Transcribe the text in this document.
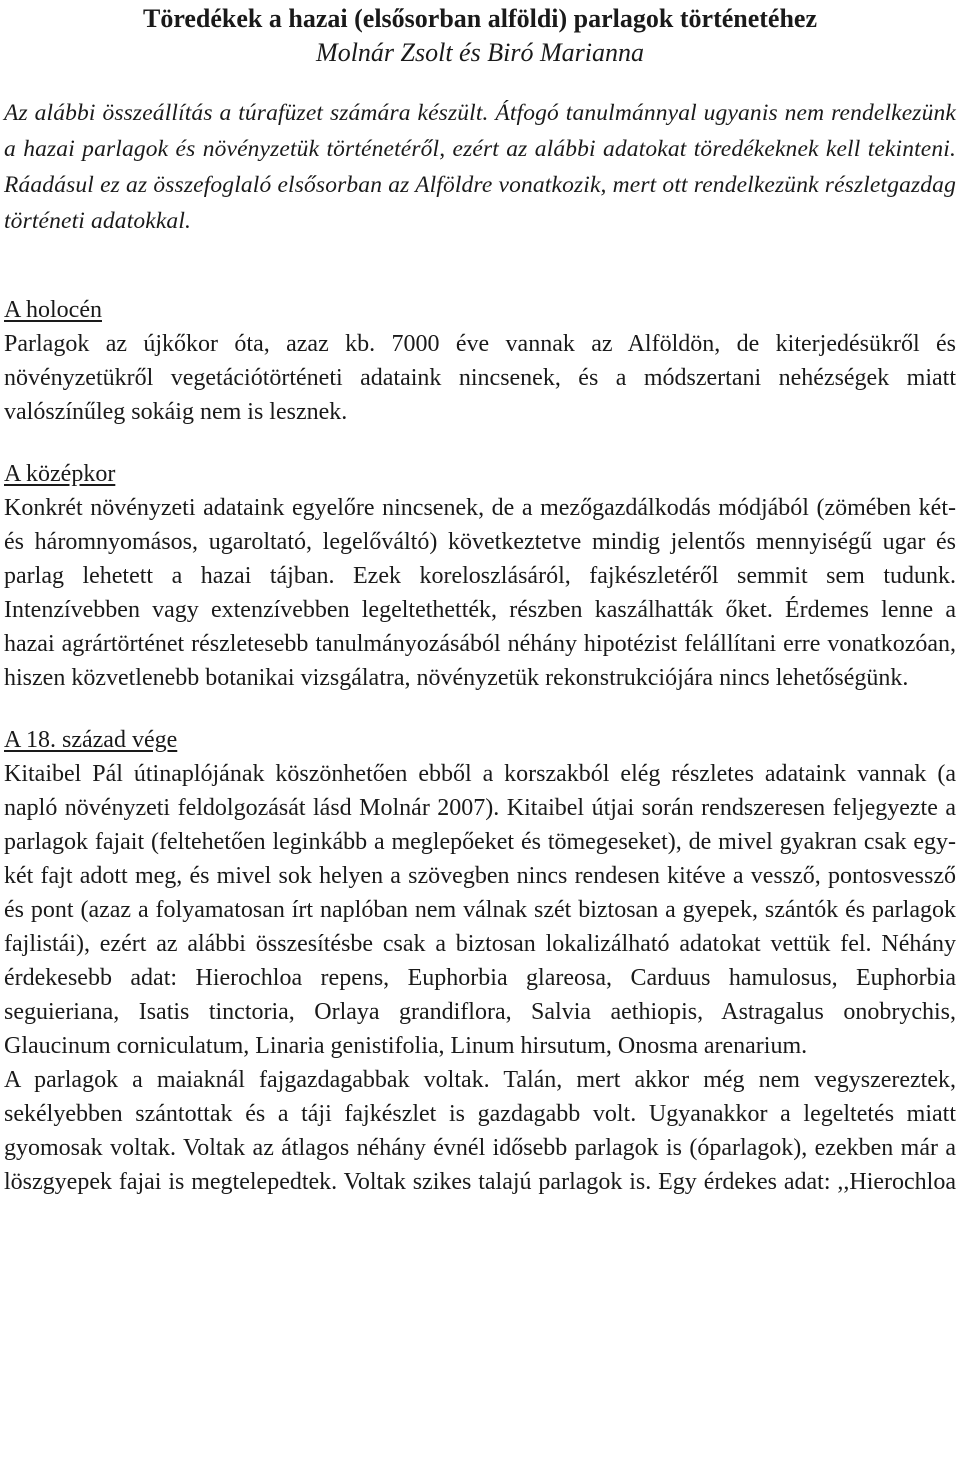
Töredékek a hazai (elsősorban alföldi) parlagok történetéhez

Molnár Zsolt és Biró Marianna

Az alábbi összeállítás a túrafüzet számára készült. Átfogó tanulmánnyal ugyanis nem rendelkezünk a hazai parlagok és növényzetük történetéről, ezért az alábbi adatokat töredékeknek kell tekinteni. Ráadásul ez az összefoglaló elsősorban az Alföldre vonatkozik, mert ott rendelkezünk részletgazdag történeti adatokkal.

A holocén

Parlagok az újkőkor óta, azaz kb. 7000 éve vannak az Alföldön, de kiterjedésükről és növényzetükről vegetációtörténeti adataink nincsenek, és a módszertani nehézségek miatt valószínűleg sokáig nem is lesznek.

A középkor

Konkrét növényzeti adataink egyelőre nincsenek, de a mezőgazdálkodás módjából (zömében két- és háromnyomásos, ugaroltató, legelőváltó) következtetve mindig jelentős mennyiségű ugar és parlag lehetett a hazai tájban. Ezek koreloszlásáról, fajkészletéről semmit sem tudunk. Intenzívebben vagy extenzívebben legeltethették, részben kaszálhatták őket. Érdemes lenne a hazai agrártörténet részletesebb tanulmányozásából néhány hipotézist felállítani erre vonatkozóan, hiszen közvetlenebb botanikai vizsgálatra, növényzetük rekonstrukciójára nincs lehetőségünk.

A 18. század vége

Kitaibel Pál útinaplójának köszönhetően ebből a korszakból elég részletes adataink vannak (a napló növényzeti feldolgozását lásd Molnár 2007). Kitaibel útjai során rendszeresen feljegyezte a parlagok fajait (feltehetően leginkább a meglepőeket és tömegeseket), de mivel gyakran csak egy-két fajt adott meg, és mivel sok helyen a szövegben nincs rendesen kitéve a vessző, pontosvessző és pont (azaz a folyamatosan írt naplóban nem válnak szét biztosan a gyepek, szántók és parlagok fajlistái), ezért az alábbi összesítésbe csak a biztosan lokalizálható adatokat vettük fel. Néhány érdekesebb adat: Hierochloa repens, Euphorbia glareosa, Carduus hamulosus, Euphorbia seguieriana, Isatis tinctoria, Orlaya grandiflora, Salvia aethiopis, Astragalus onobrychis, Glaucinum corniculatum, Linaria genistifolia, Linum hirsutum, Onosma arenarium.

A parlagok a maiaknál fajgazdagabbak voltak. Talán, mert akkor még nem vegyszereztek, sekélyebben szántottak és a táji fajkészlet is gazdagabb volt. Ugyanakkor a legeltetés miatt gyomosak voltak. Voltak az átlagos néhány évnél idősebb parlagok is (óparlagok), ezekben már a löszgyepek fajai is megtelepedtek. Voltak szikes talajú parlagok is. Egy érdekes adat: ,,Hierochloa
